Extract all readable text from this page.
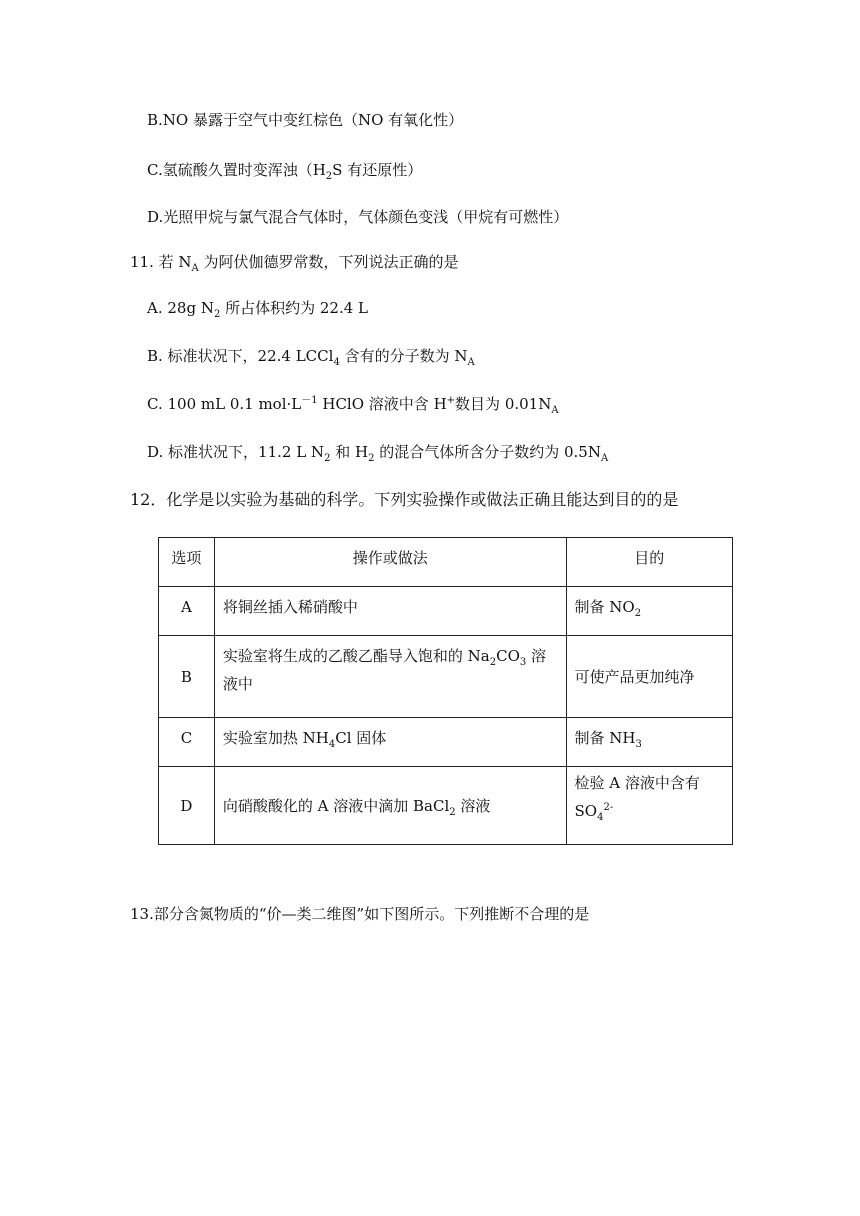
B.NO 暴露于空气中变红棕色（NO 有氧化性）
C.氢硫酸久置时变浑浊（$H_2S$ 有还原性）
D.光照甲烷与氯气混合气体时，气体颜色变浅（甲烷有可燃性）
11. 若 $N_A$ 为阿伏伽德罗常数，下列说法正确的是
A. 28g $N_2$ 所占体积约为 22.4 L
B. 标准状况下，22.4 LCCl$_4$ 含有的分子数为 $N_A$
C. 100 mL 0.1 $mol\cdot L^{-1}$ HClO 溶液中含 H+数目为 $0.01N_A$
D. 标准状况下，11.2 L $N_2$ 和 $H_2$ 的混合气体所含分子数约为 $0.5N_A$
12．化学是以实验为基础的科学。下列实验操作或做法正确且能达到目的的是
选项	操作或做法	目的

A	将铜丝插入稀硝酸中	制备 $NO_2$

B	实验室将生成的乙酸乙酯导入饱和的 $Na_2CO_3$ 溶液中	可使产品更加纯净

C	实验室加热 $NH_4Cl$ 固体	制备 $NH_3$

D	向硝酸酸化的 A 溶液中滴加 BaCl$_2$ 溶液	检验 A 溶液中含有 $SO_4^{2-}$
13.部分含氮物质的“价—类二维图”如下图所示。下列推断不合理的是
